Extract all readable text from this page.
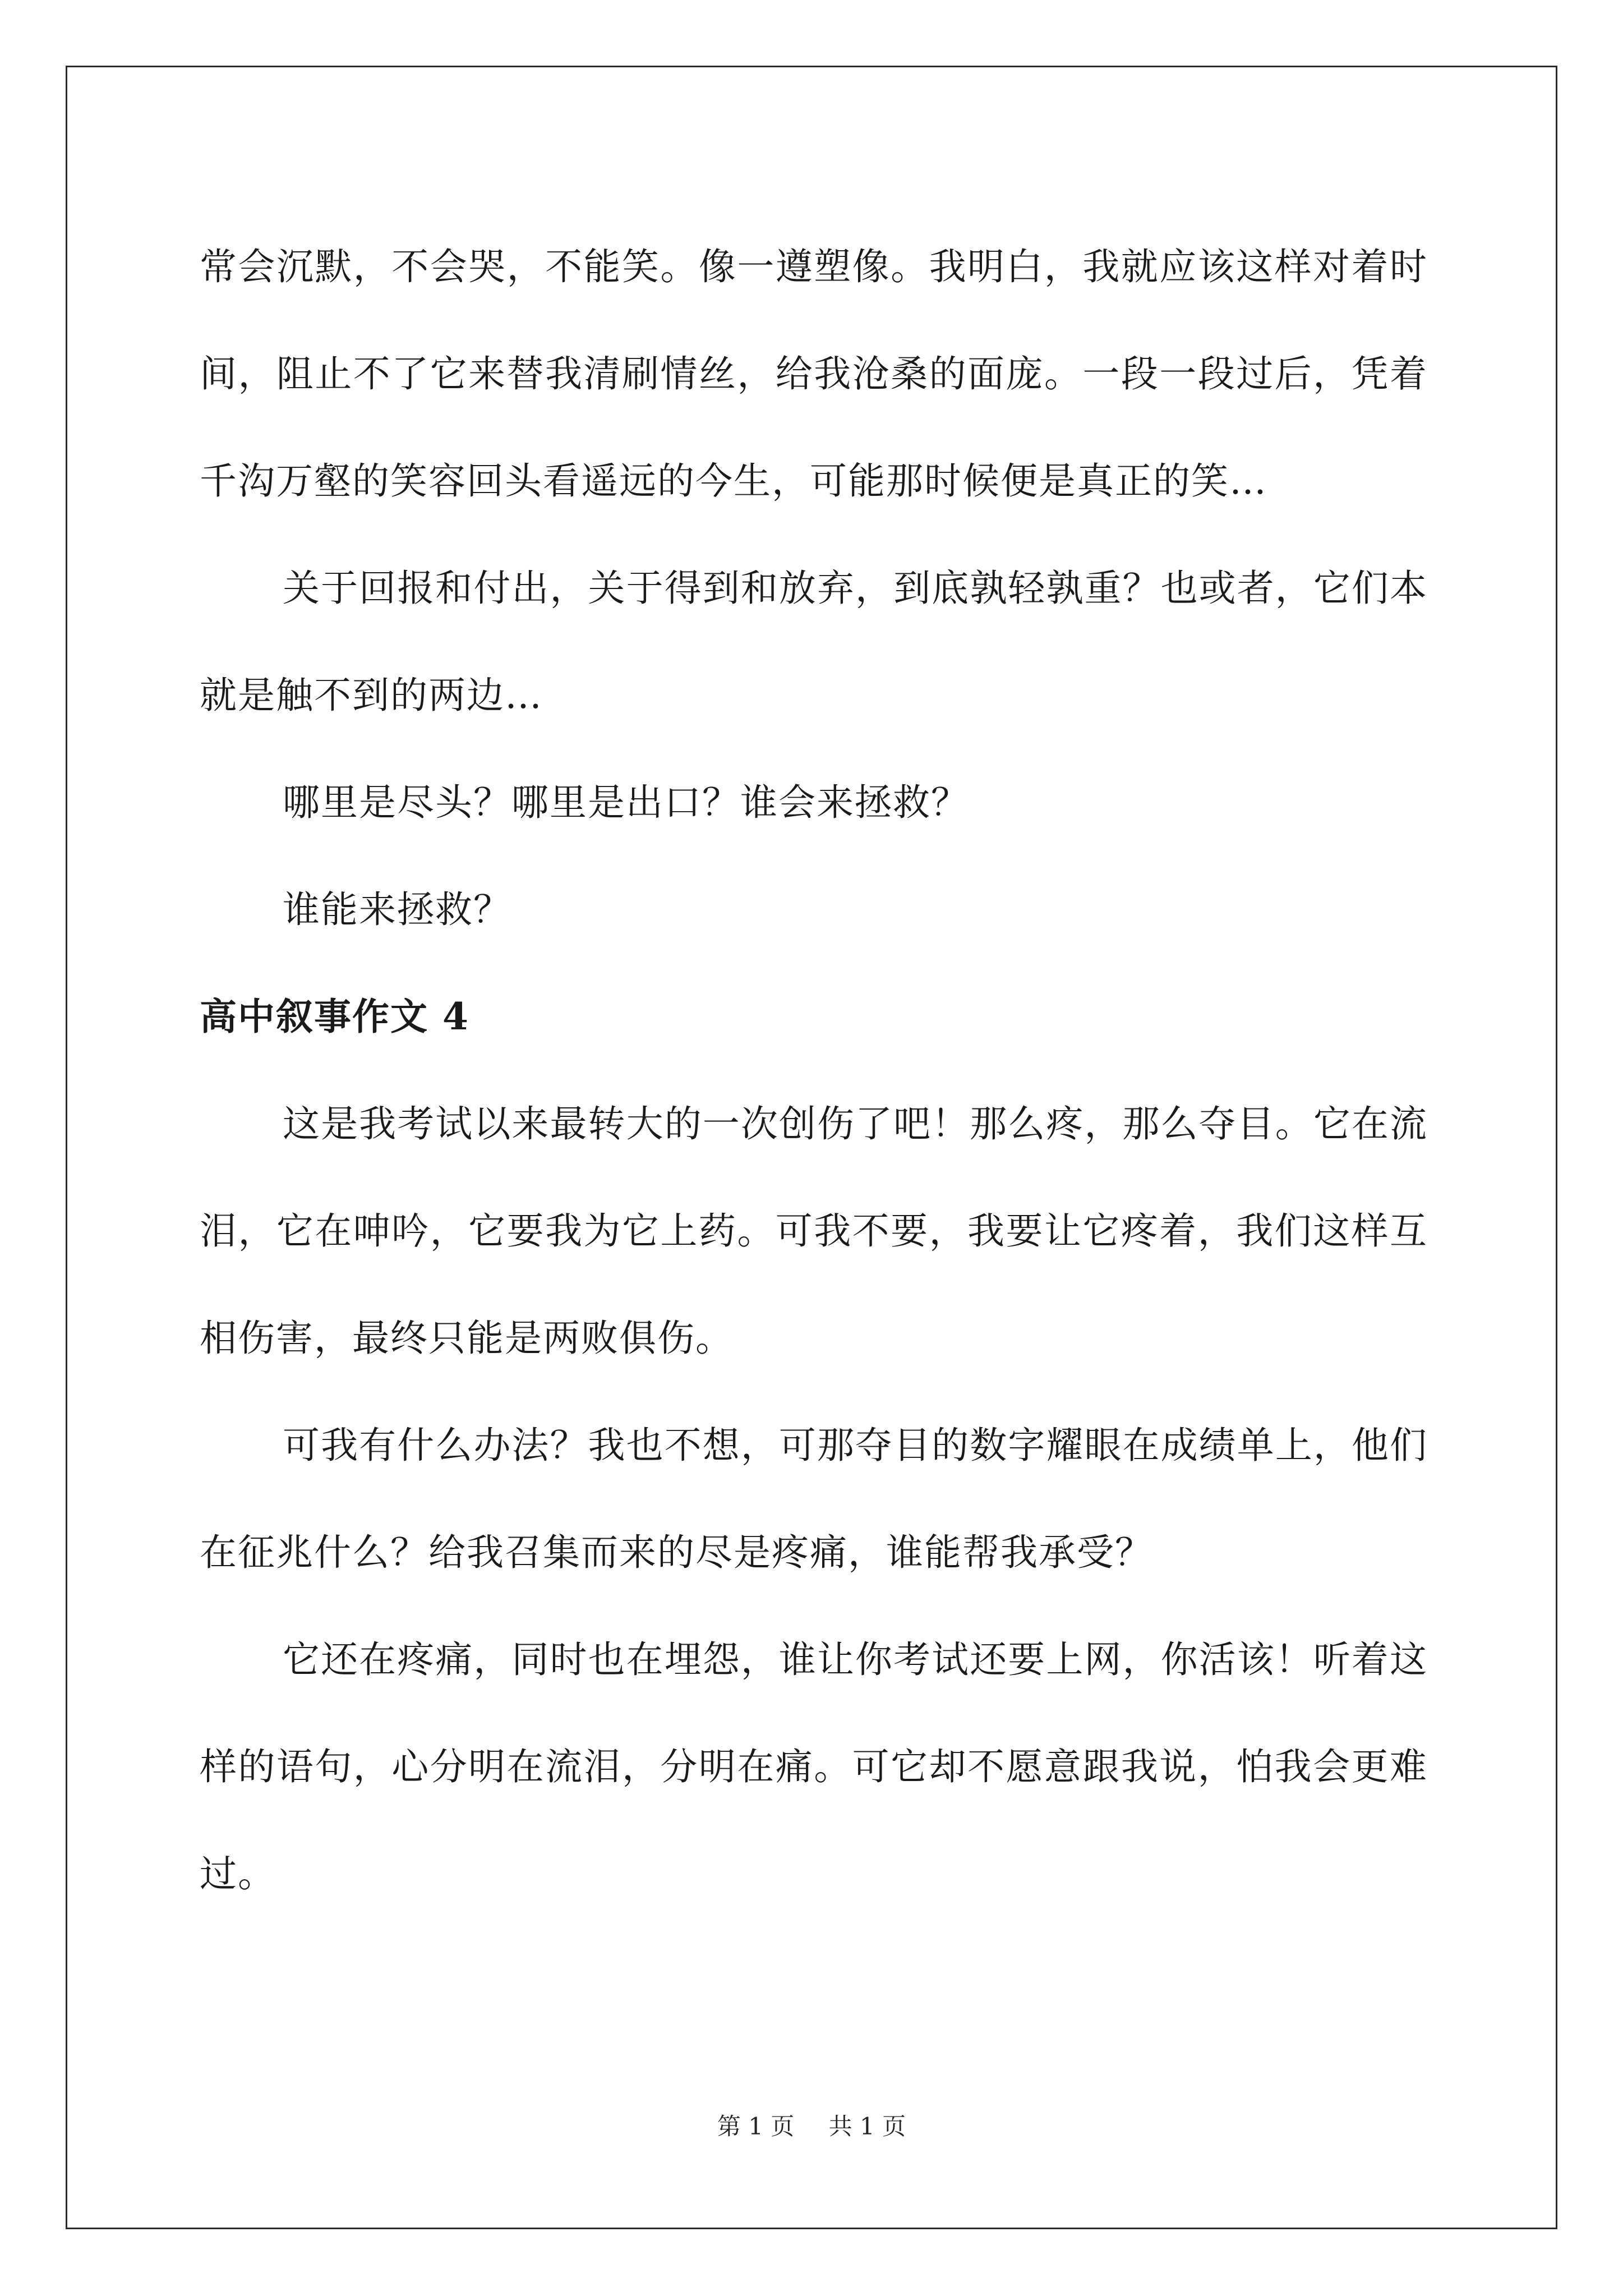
常会沉默，不会哭，不能笑。像一遵塑像。我明白，我就应该这样对着时间，阻止不了它来替我清刷情丝，给我沧桑的面庞。一段一段过后，凭着千沟万壑的笑容回头看遥远的今生，可能那时候便是真正的笑…

关于回报和付出，关于得到和放弃，到底孰轻孰重？也或者，它们本就是触不到的两边…

哪里是尽头？哪里是出口？谁会来拯救？

谁能来拯救？

高中叙事作文 4

这是我考试以来最转大的一次创伤了吧！那么疼，那么夺目。它在流泪，它在呻吟，它要我为它上药。可我不要，我要让它疼着，我们这样互相伤害，最终只能是两败俱伤。

可我有什么办法？我也不想，可那夺目的数字耀眼在成绩单上，他们在征兆什么？给我召集而来的尽是疼痛，谁能帮我承受？

它还在疼痛，同时也在埋怨，谁让你考试还要上网，你活该！听着这样的语句，心分明在流泪，分明在痛。可它却不愿意跟我说，怕我会更难过。

第 1 页 共 1 页
